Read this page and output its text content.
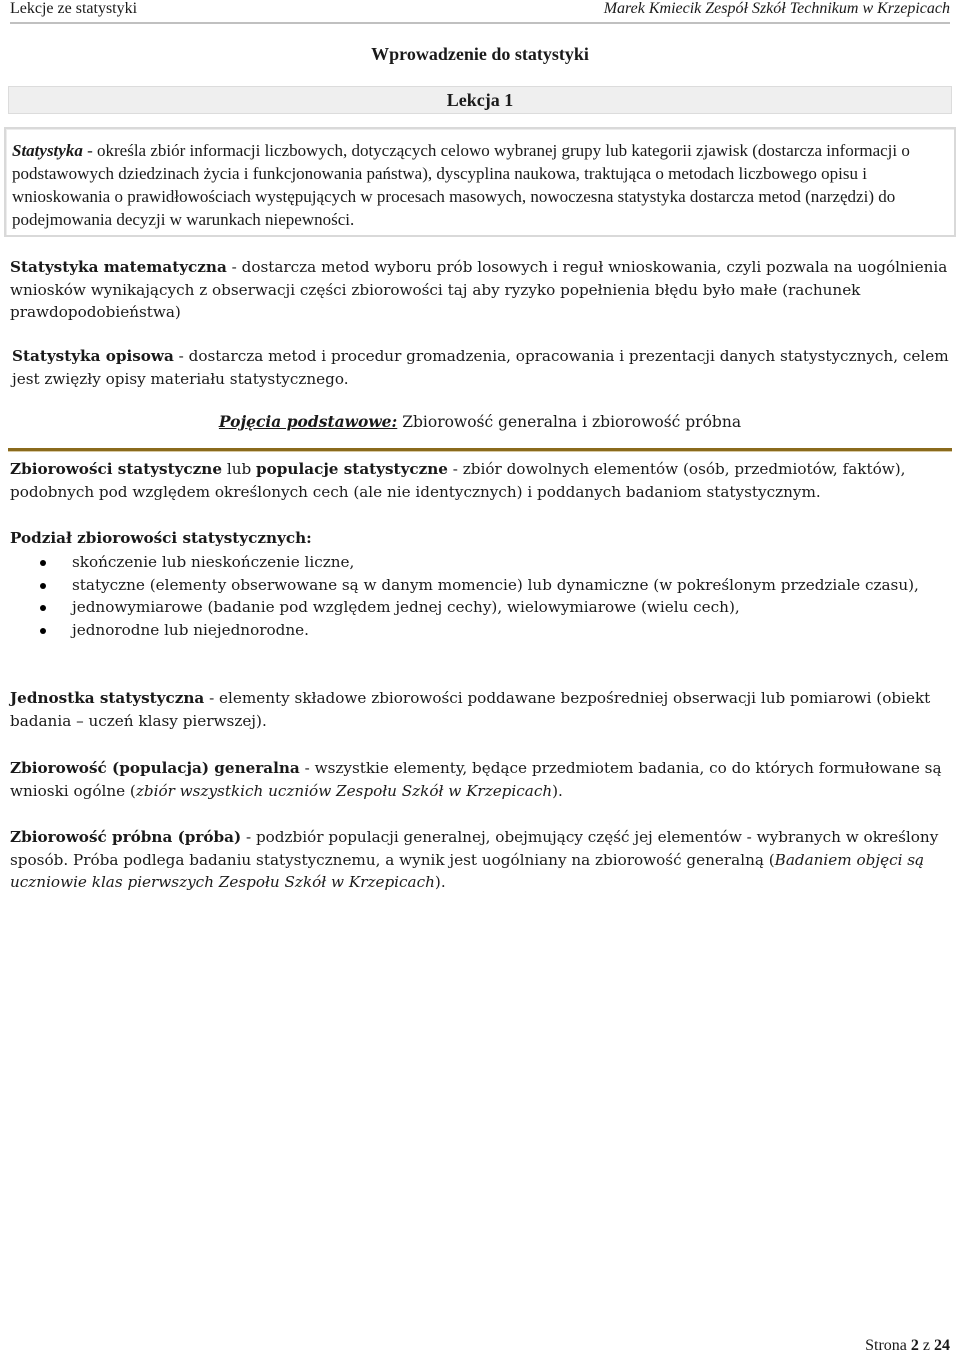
Lekcje ze statystyki	Marek Kmiecik Zespół Szkół Technikum w Krzepicach
Wprowadzenie do statystyki
Lekcja 1

Statystyka - określa zbiór informacji liczbowych, dotyczących celowo wybranej grupy lub kategorii zjawisk (dostarcza informacji o podstawowych dziedzinach życia i funkcjonowania państwa), dyscyplina naukowa, traktująca o metodach liczbowego opisu i wnioskowania o prawidłowościach występujących w procesach masowych, nowoczesna statystyka dostarcza metod (narzędzi) do podejmowania decyzji w warunkach niepewności.

Statystyka matematyczna - dostarcza metod wyboru prób losowych i reguł wnioskowania, czyli pozwala na uogólnienia wniosków wynikających z obserwacji części zbiorowości taj aby ryzyko popełnienia błędu było małe (rachunek prawdopodobieństwa)

Statystyka opisowa - dostarcza metod i procedur gromadzenia, opracowania i prezentacji danych statystycznych, celem jest zwięzły opisy materiału statystycznego.

Pojęcia podstawowe: Zbiorowość generalna i zbiorowość próbna

Zbiorowości statystyczne lub populacje statystyczne - zbiór dowolnych elementów (osób, przedmiotów, faktów), podobnych pod względem określonych cech (ale nie identycznych) i poddanych badaniom statystycznym.

Podział zbiorowości statystycznych:

skończenie lub nieskończenie liczne,
statyczne (elementy obserwowane są w danym momencie) lub dynamiczne (w pokreślonym przedziale czasu),
jednowymiarowe (badanie pod względem jednej cechy), wielowymiarowe (wielu cech),
jednorodne lub niejednorodne.

Jednostka statystyczna - elementy składowe zbiorowości poddawane bezpośredniej obserwacji lub pomiarowi (obiekt badania – uczeń klasy pierwszej).

Zbiorowość (populacja) generalna - wszystkie elementy, będące przedmiotem badania, co do których formułowane są wnioski ogólne (zbiór wszystkich uczniów Zespołu Szkół w Krzepicach).

Zbiorowość próbna (próba) - podzbiór populacji generalnej, obejmujący część jej elementów - wybranych w określony sposób. Próba podlega badaniu statystycznemu, a wynik jest uogólniany na zbiorowość generalną (Badaniem objęci są uczniowie klas pierwszych Zespołu Szkół w Krzepicach).

Strona 2 z 24
